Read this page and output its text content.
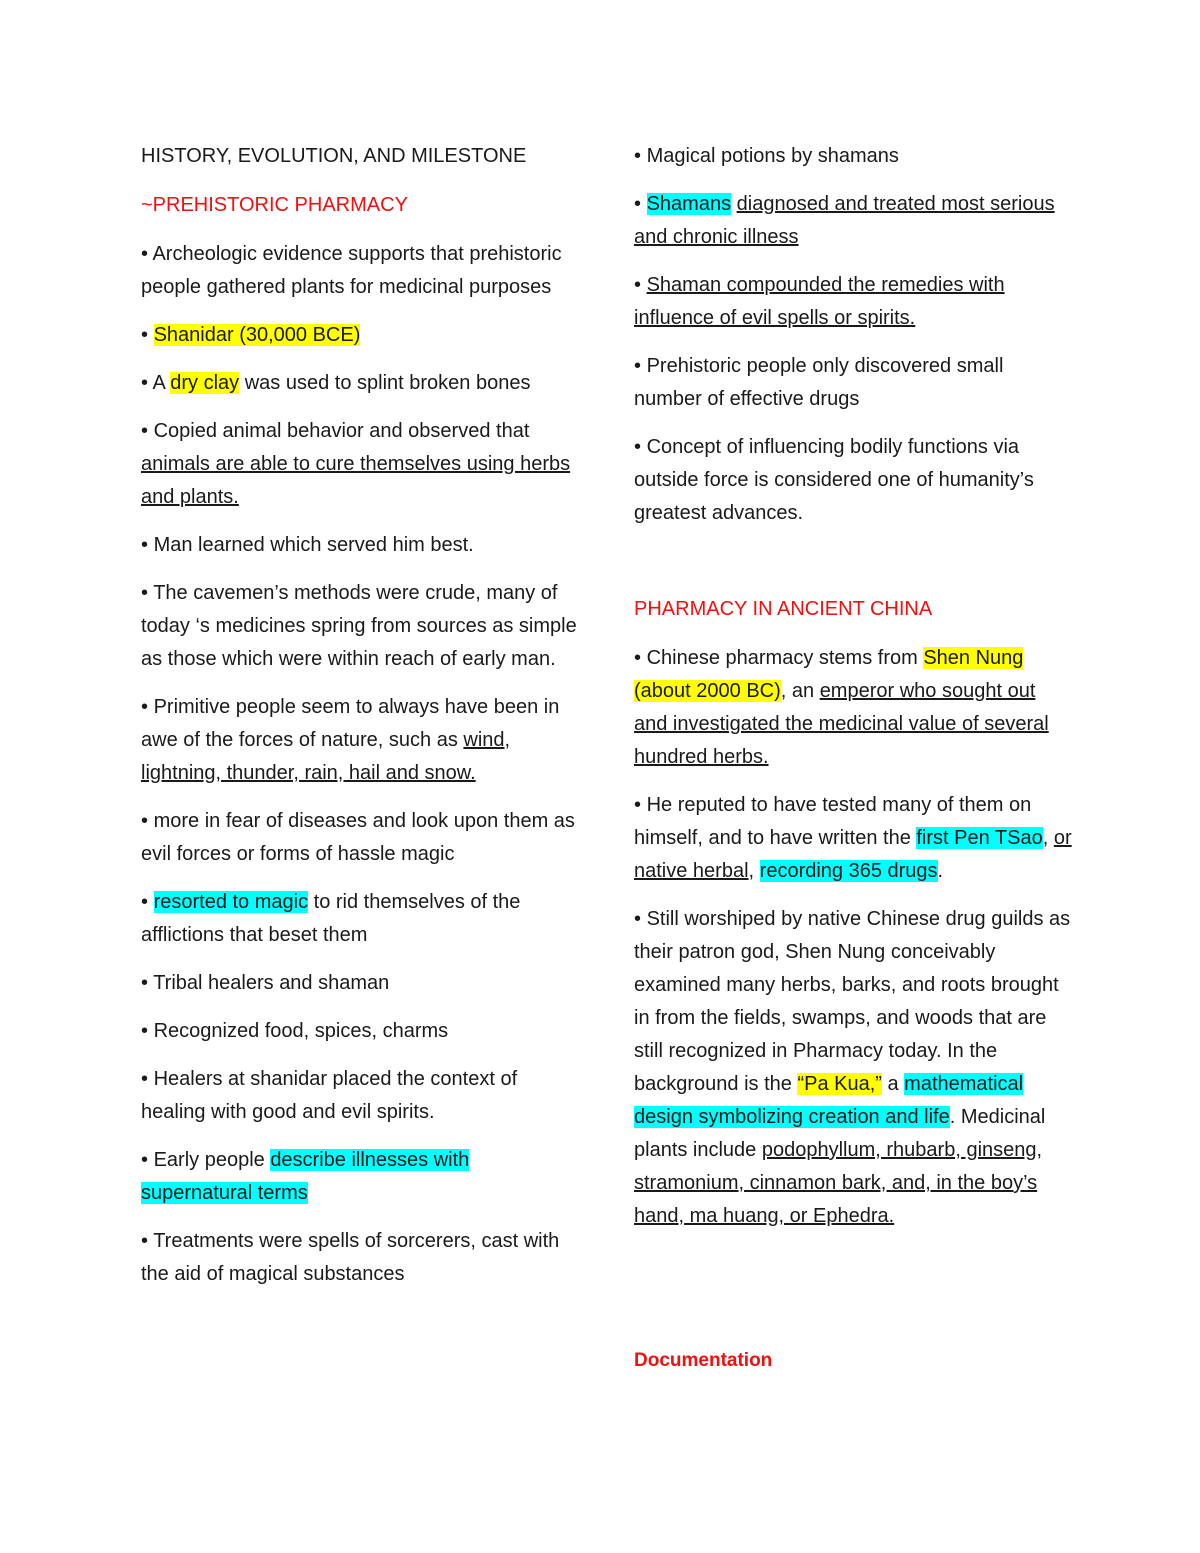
HISTORY, EVOLUTION, AND MILESTONE

~PREHISTORIC PHARMACY

• Archeologic evidence supports that prehistoric people gathered plants for medicinal purposes

• Shanidar (30,000 BCE)

• A dry clay was used to splint broken bones

• Copied animal behavior and observed that animals are able to cure themselves using herbs and plants.

• Man learned which served him best.

• The cavemen’s methods were crude, many of today ‘s medicines spring from sources as simple as those which were within reach of early man.

• Primitive people seem to always have been in awe of the forces of nature, such as wind, lightning, thunder, rain, hail and snow.

• more in fear of diseases and look upon them as evil forces or forms of hassle magic

• resorted to magic to rid themselves of the afflictions that beset them

• Tribal healers and shaman

• Recognized food, spices, charms

• Healers at shanidar placed the context of healing with good and evil spirits.

• Early people describe illnesses with supernatural terms

• Treatments were spells of sorcerers, cast with the aid of magical substances

• Magical potions by shamans

• Shamans diagnosed and treated most serious and chronic illness

• Shaman compounded the remedies with influence of evil spells or spirits.

• Prehistoric people only discovered small number of effective drugs

• Concept of influencing bodily functions via outside force is considered one of humanity’s greatest advances.

PHARMACY IN ANCIENT CHINA

• Chinese pharmacy stems from Shen Nung (about 2000 BC), an emperor who sought out and investigated the medicinal value of several hundred herbs.

• He reputed to have tested many of them on himself, and to have written the first Pen TSao, or native herbal, recording 365 drugs.

• Still worshiped by native Chinese drug guilds as their patron god, Shen Nung conceivably examined many herbs, barks, and roots brought in from the fields, swamps, and woods that are still recognized in Pharmacy today. In the background is the “Pa Kua,” a mathematical design symbolizing creation and life. Medicinal plants include podophyllum, rhubarb, ginseng, stramonium, cinnamon bark, and, in the boy’s hand, ma huang, or Ephedra.

Documentation
